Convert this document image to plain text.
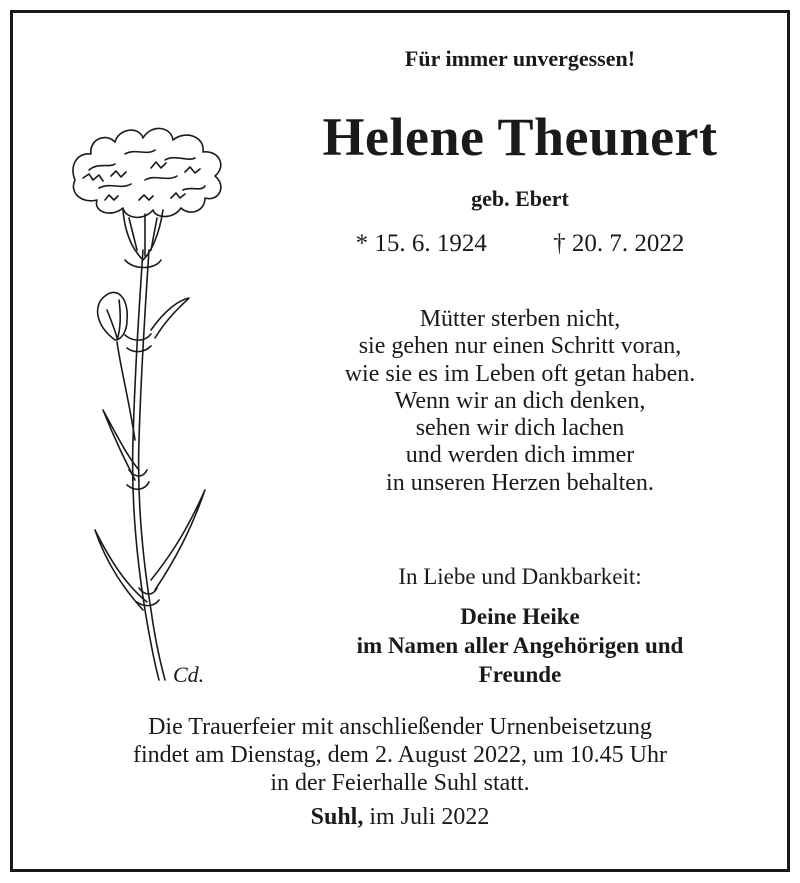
Cd.
Für immer unvergessen!
Helene Theunert
geb. Ebert
* 15. 6. 1924	† 20. 7. 2022
Mütter sterben nicht,
sie gehen nur einen Schritt voran,
wie sie es im Leben oft getan haben.
Wenn wir an dich denken,
sehen wir dich lachen
und werden dich immer
in unseren Herzen behalten.
In Liebe und Dankbarkeit:
Deine Heike
im Namen aller Angehörigen und
Freunde
Die Trauerfeier mit anschließender Urnenbeisetzung
findet am Dienstag, dem 2. August 2022, um 10.45 Uhr
in der Feierhalle Suhl statt.
Suhl, im Juli 2022
